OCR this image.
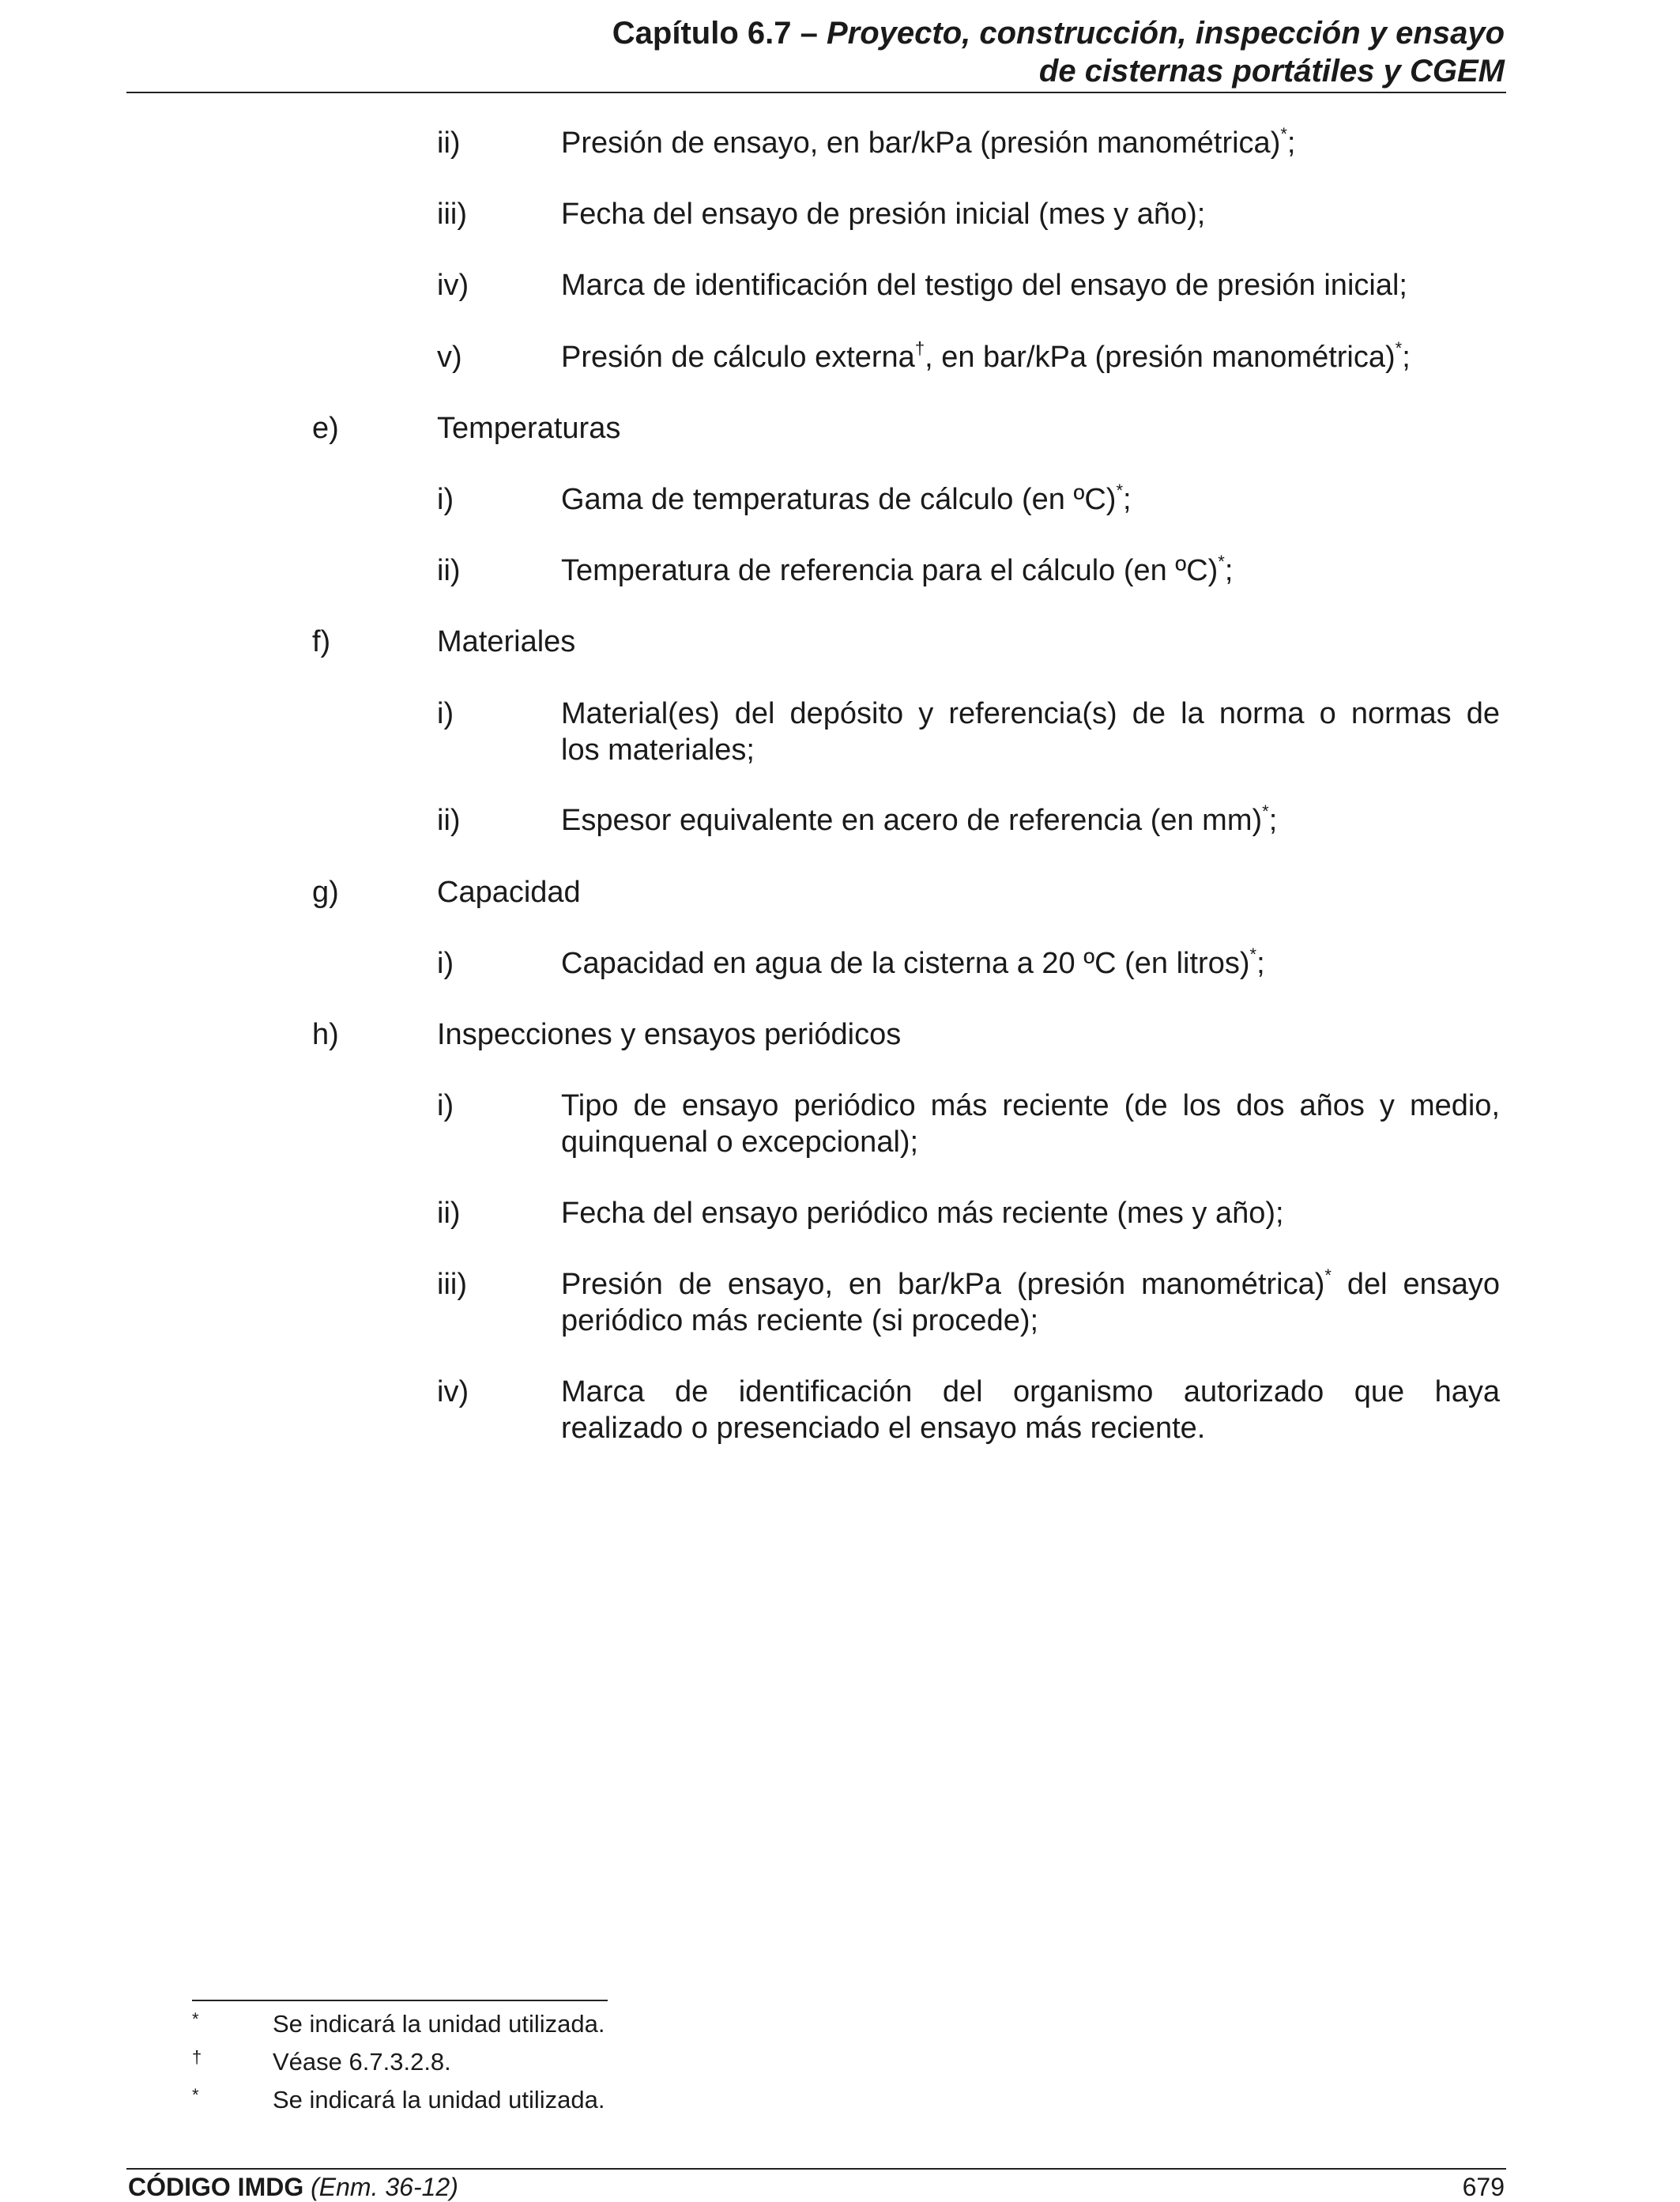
Capítulo 6.7 – Proyecto, construcción, inspección y ensayo
de cisternas portátiles y CGEM
ii)	Presión de ensayo, en bar/kPa (presión manométrica)*;
iii)	Fecha del ensayo de presión inicial (mes y año);
iv)	Marca de identificación del testigo del ensayo de presión inicial;
v)	Presión de cálculo externa†, en bar/kPa (presión manométrica)*;
e)	Temperaturas
i)	Gama de temperaturas de cálculo (en ºC)*;
ii)	Temperatura de referencia para el cálculo (en ºC)*;
f)	Materiales
i)	Material(es) del depósito y referencia(s) de la norma o normas de
los materiales;
ii)	Espesor equivalente en acero de referencia (en mm)*;
g)	Capacidad
i)	Capacidad en agua de la cisterna a 20 ºC (en litros)*;
h)	Inspecciones y ensayos periódicos
i)	Tipo de ensayo periódico más reciente (de los dos años y medio,
quinquenal o excepcional);
ii)	Fecha del ensayo periódico más reciente (mes y año);
iii)	Presión de ensayo, en bar/kPa (presión manométrica)* del ensayo
periódico más reciente (si procede);
iv)	Marca de identificación del organismo autorizado que haya
realizado o presenciado el ensayo más reciente.
*	Se indicará la unidad utilizada.
†	Véase 6.7.3.2.8.
*	Se indicará la unidad utilizada.
CÓDIGO IMDG (Enm. 36-12)	679
